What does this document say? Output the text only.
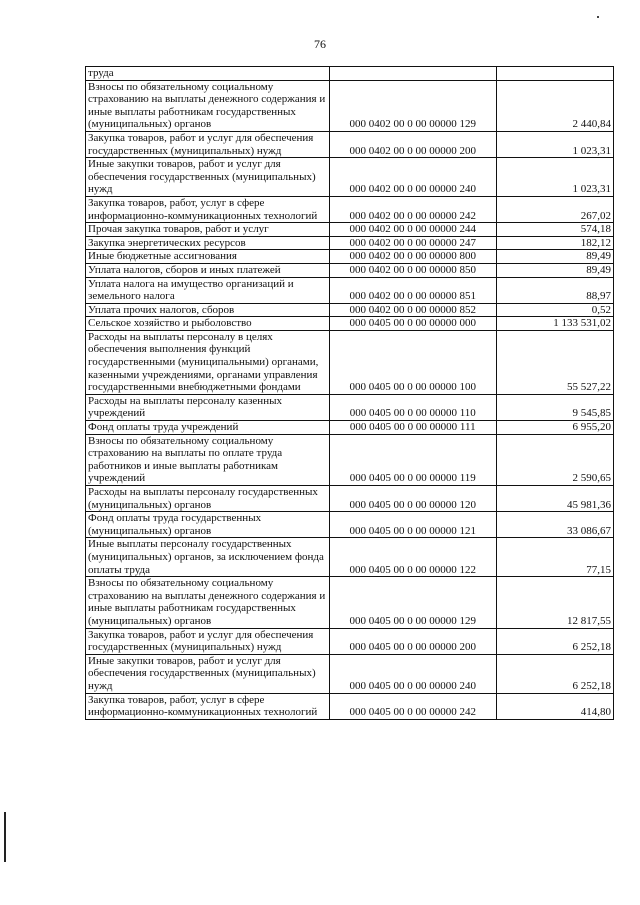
76
труда		
Взносы по обязательному социальному страхованию на выплаты денежного содержания и иные выплаты работникам государственных (муниципальных) органов	000 0402 00 0 00 00000 129	2 440,84
Закупка товаров, работ и услуг для обеспечения государственных (муниципальных) нужд	000 0402 00 0 00 00000 200	1 023,31
Иные закупки товаров, работ и услуг для обеспечения государственных (муниципальных) нужд	000 0402 00 0 00 00000 240	1 023,31
Закупка товаров, работ, услуг в сфере информационно-коммуникационных технологий	000 0402 00 0 00 00000 242	267,02
Прочая закупка товаров, работ и услуг	000 0402 00 0 00 00000 244	574,18
Закупка энергетических ресурсов	000 0402 00 0 00 00000 247	182,12
Иные бюджетные ассигнования	000 0402 00 0 00 00000 800	89,49
Уплата налогов, сборов и иных платежей	000 0402 00 0 00 00000 850	89,49
Уплата налога на имущество организаций и земельного налога	000 0402 00 0 00 00000 851	88,97
Уплата прочих налогов, сборов	000 0402 00 0 00 00000 852	0,52
Сельское хозяйство и рыболовство	000 0405 00 0 00 00000 000	1 133 531,02
Расходы на выплаты персоналу в целях обеспечения выполнения функций государственными (муниципальными) органами, казенными учреждениями, органами управления государственными внебюджетными фондами	000 0405 00 0 00 00000 100	55 527,22
Расходы на выплаты персоналу казенных учреждений	000 0405 00 0 00 00000 110	9 545,85
Фонд оплаты труда учреждений	000 0405 00 0 00 00000 111	6 955,20
Взносы по обязательному социальному страхованию на выплаты по оплате труда работников и иные выплаты работникам учреждений	000 0405 00 0 00 00000 119	2 590,65
Расходы на выплаты персоналу государственных (муниципальных) органов	000 0405 00 0 00 00000 120	45 981,36
Фонд оплаты труда государственных (муниципальных) органов	000 0405 00 0 00 00000 121	33 086,67
Иные выплаты персоналу государственных (муниципальных) органов, за исключением фонда оплаты труда	000 0405 00 0 00 00000 122	77,15
Взносы по обязательному социальному страхованию на выплаты денежного содержания и иные выплаты работникам государственных (муниципальных) органов	000 0405 00 0 00 00000 129	12 817,55
Закупка товаров, работ и услуг для обеспечения государственных (муниципальных) нужд	000 0405 00 0 00 00000 200	6 252,18
Иные закупки товаров, работ и услуг для обеспечения государственных (муниципальных) нужд	000 0405 00 0 00 00000 240	6 252,18
Закупка товаров, работ, услуг в сфере информационно-коммуникационных технологий	000 0405 00 0 00 00000 242	414,80
